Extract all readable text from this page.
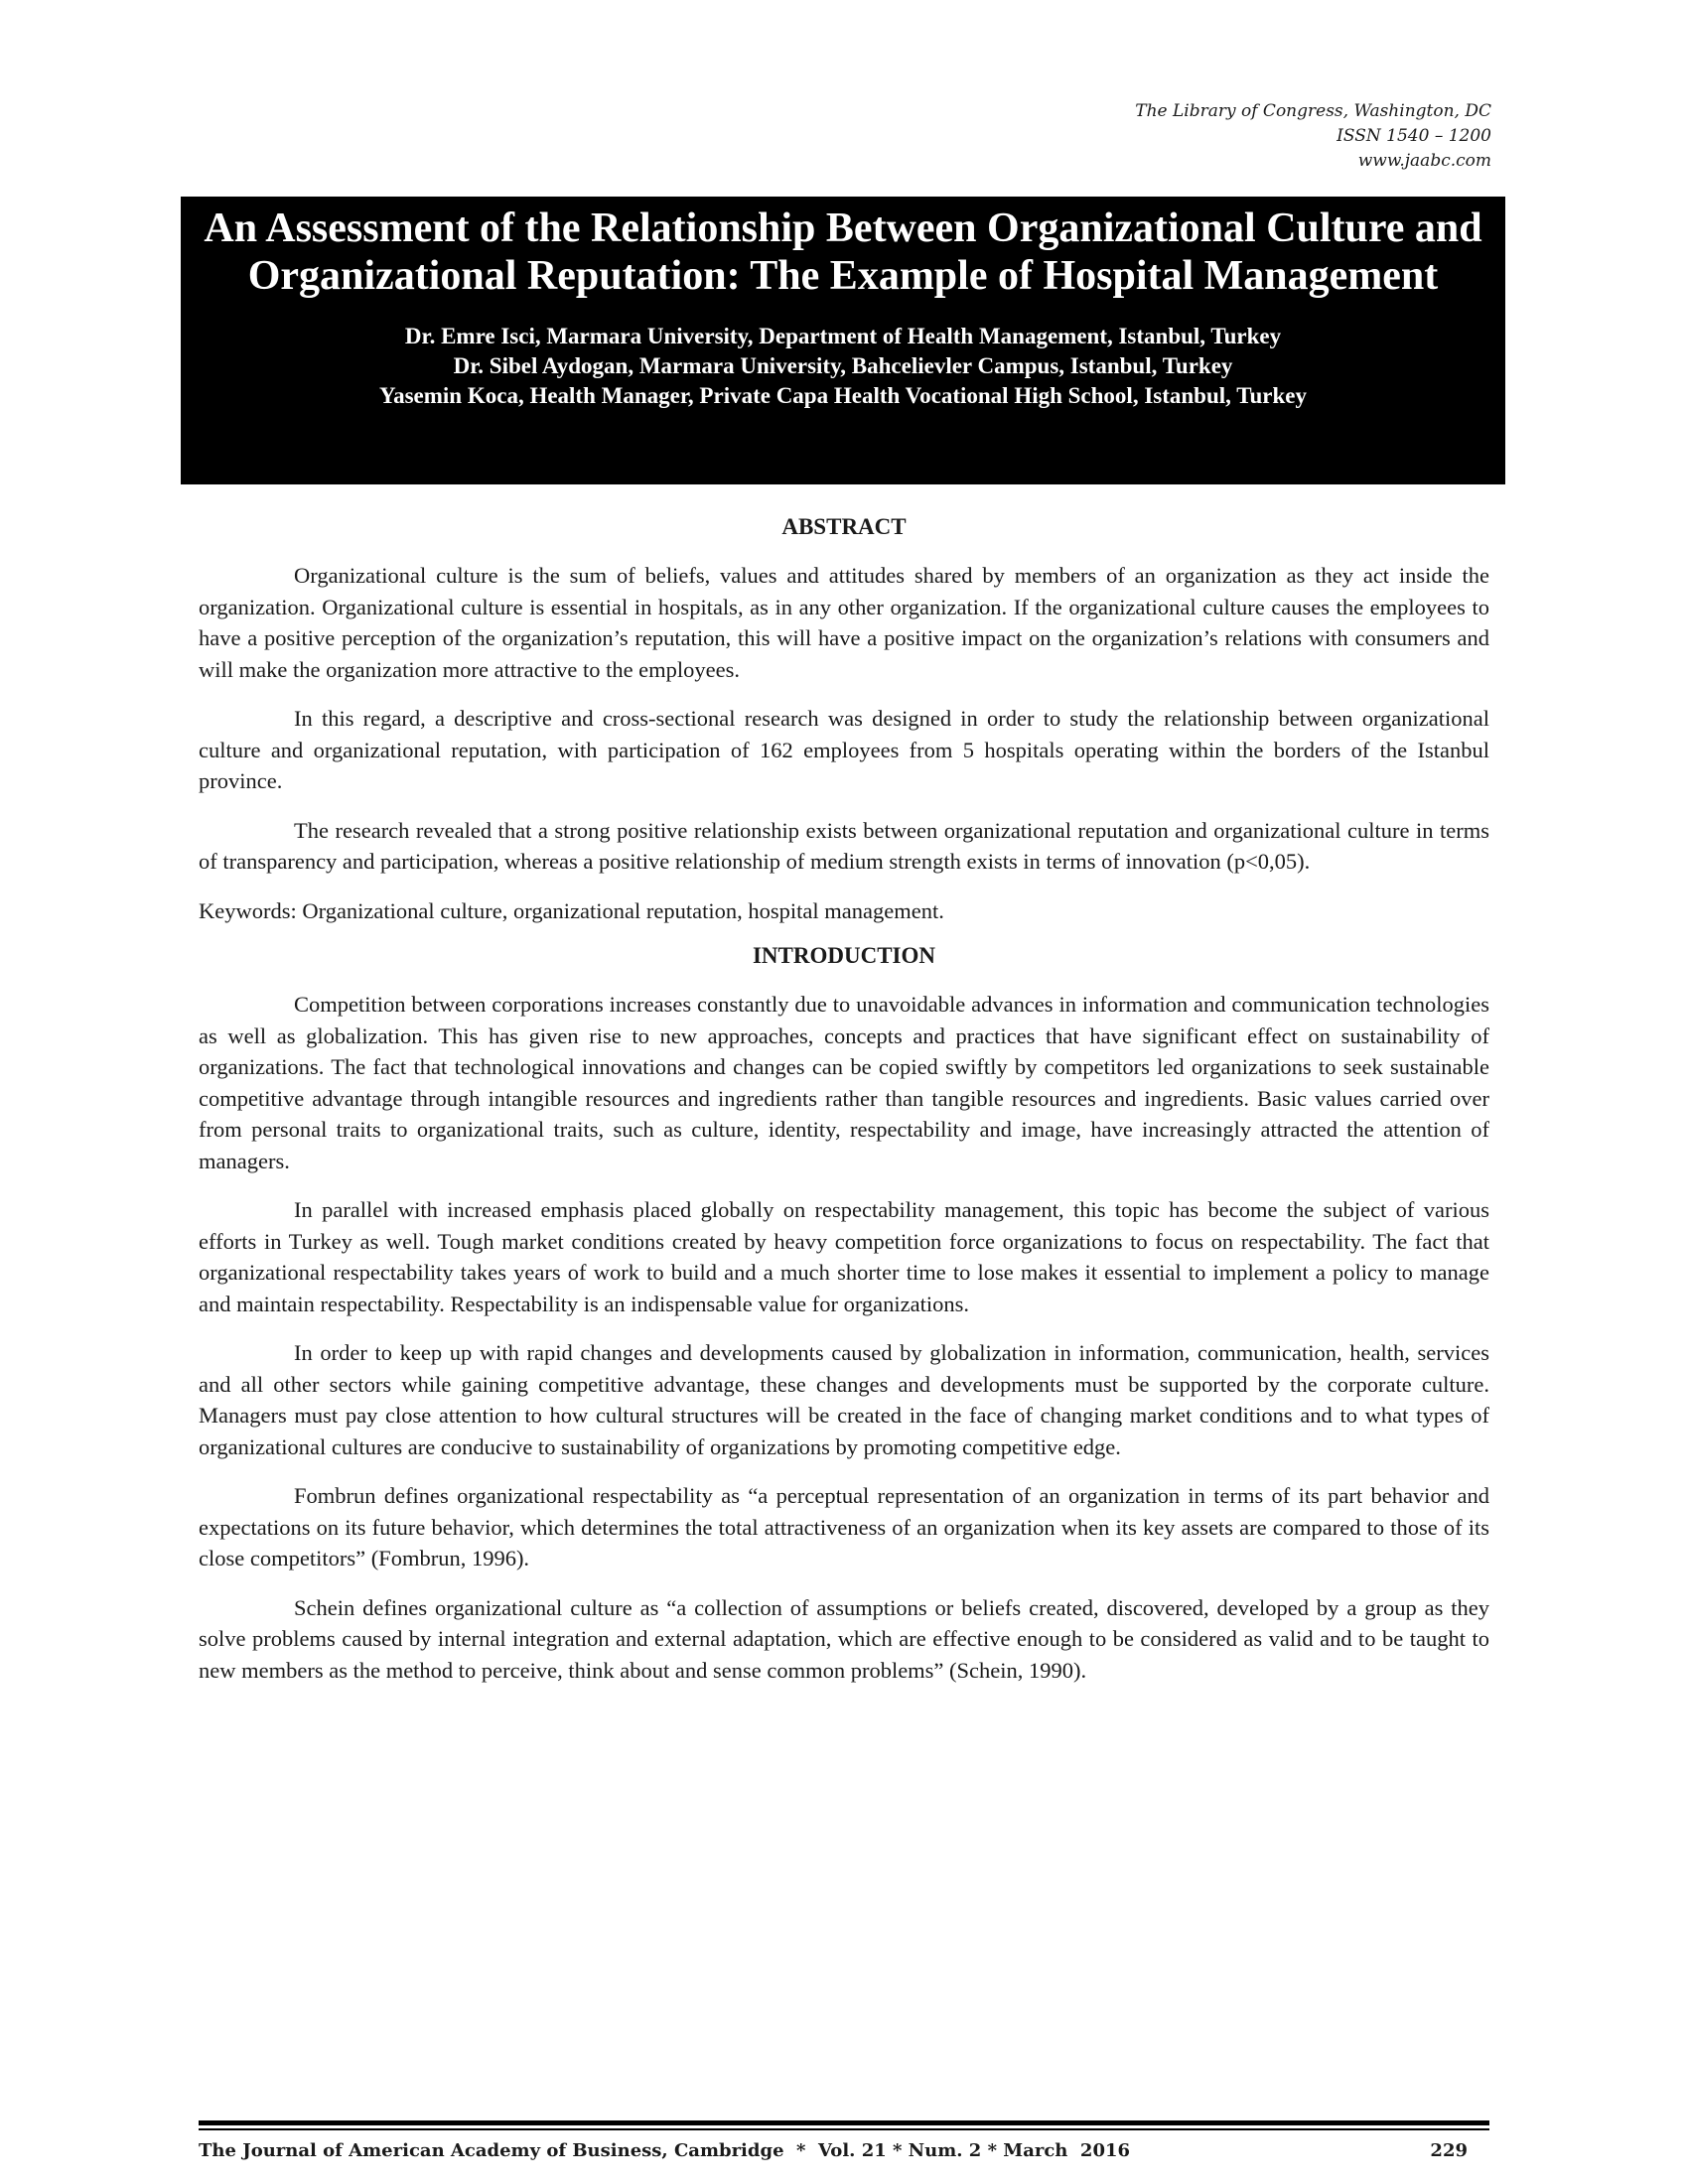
The Library of Congress, Washington, DC
ISSN 1540 – 1200
www.jaabc.com
An Assessment of the Relationship Between Organizational Culture and Organizational Reputation: The Example of Hospital Management
Dr. Emre Isci, Marmara University, Department of Health Management, Istanbul, Turkey
Dr. Sibel Aydogan, Marmara University, Bahcelievler Campus, Istanbul, Turkey
Yasemin Koca, Health Manager, Private Capa Health Vocational High School, Istanbul, Turkey

ABSTRACT

Organizational culture is the sum of beliefs, values and attitudes shared by members of an organization as they act inside the organization. Organizational culture is essential in hospitals, as in any other organization. If the organizational culture causes the employees to have a positive perception of the organization’s reputation, this will have a positive impact on the organization’s relations with consumers and will make the organization more attractive to the employees.

In this regard, a descriptive and cross-sectional research was designed in order to study the relationship between organizational culture and organizational reputation, with participation of 162 employees from 5 hospitals operating within the borders of the Istanbul province.

The research revealed that a strong positive relationship exists between organizational reputation and organizational culture in terms of transparency and participation, whereas a positive relationship of medium strength exists in terms of innovation (p<0,05).

Keywords: Organizational culture, organizational reputation, hospital management.

INTRODUCTION

Competition between corporations increases constantly due to unavoidable advances in information and communication technologies as well as globalization. This has given rise to new approaches, concepts and practices that have significant effect on sustainability of organizations. The fact that technological innovations and changes can be copied swiftly by competitors led organizations to seek sustainable competitive advantage through intangible resources and ingredients rather than tangible resources and ingredients. Basic values carried over from personal traits to organizational traits, such as culture, identity, respectability and image, have increasingly attracted the attention of managers.

In parallel with increased emphasis placed globally on respectability management, this topic has become the subject of various efforts in Turkey as well. Tough market conditions created by heavy competition force organizations to focus on respectability. The fact that organizational respectability takes years of work to build and a much shorter time to lose makes it essential to implement a policy to manage and maintain respectability. Respectability is an indispensable value for organizations.

In order to keep up with rapid changes and developments caused by globalization in information, communication, health, services and all other sectors while gaining competitive advantage, these changes and developments must be supported by the corporate culture. Managers must pay close attention to how cultural structures will be created in the face of changing market conditions and to what types of organizational cultures are conducive to sustainability of organizations by promoting competitive edge.

Fombrun defines organizational respectability as “a perceptual representation of an organization in terms of its part behavior and expectations on its future behavior, which determines the total attractiveness of an organization when its key assets are compared to those of its close competitors” (Fombrun, 1996).

Schein defines organizational culture as “a collection of assumptions or beliefs created, discovered, developed by a group as they solve problems caused by internal integration and external adaptation, which are effective enough to be considered as valid and to be taught to new members as the method to perceive, think about and sense common problems” (Schein, 1990).

The Journal of American Academy of Business, Cambridge  *  Vol. 21 * Num. 2 * March  2016	229
